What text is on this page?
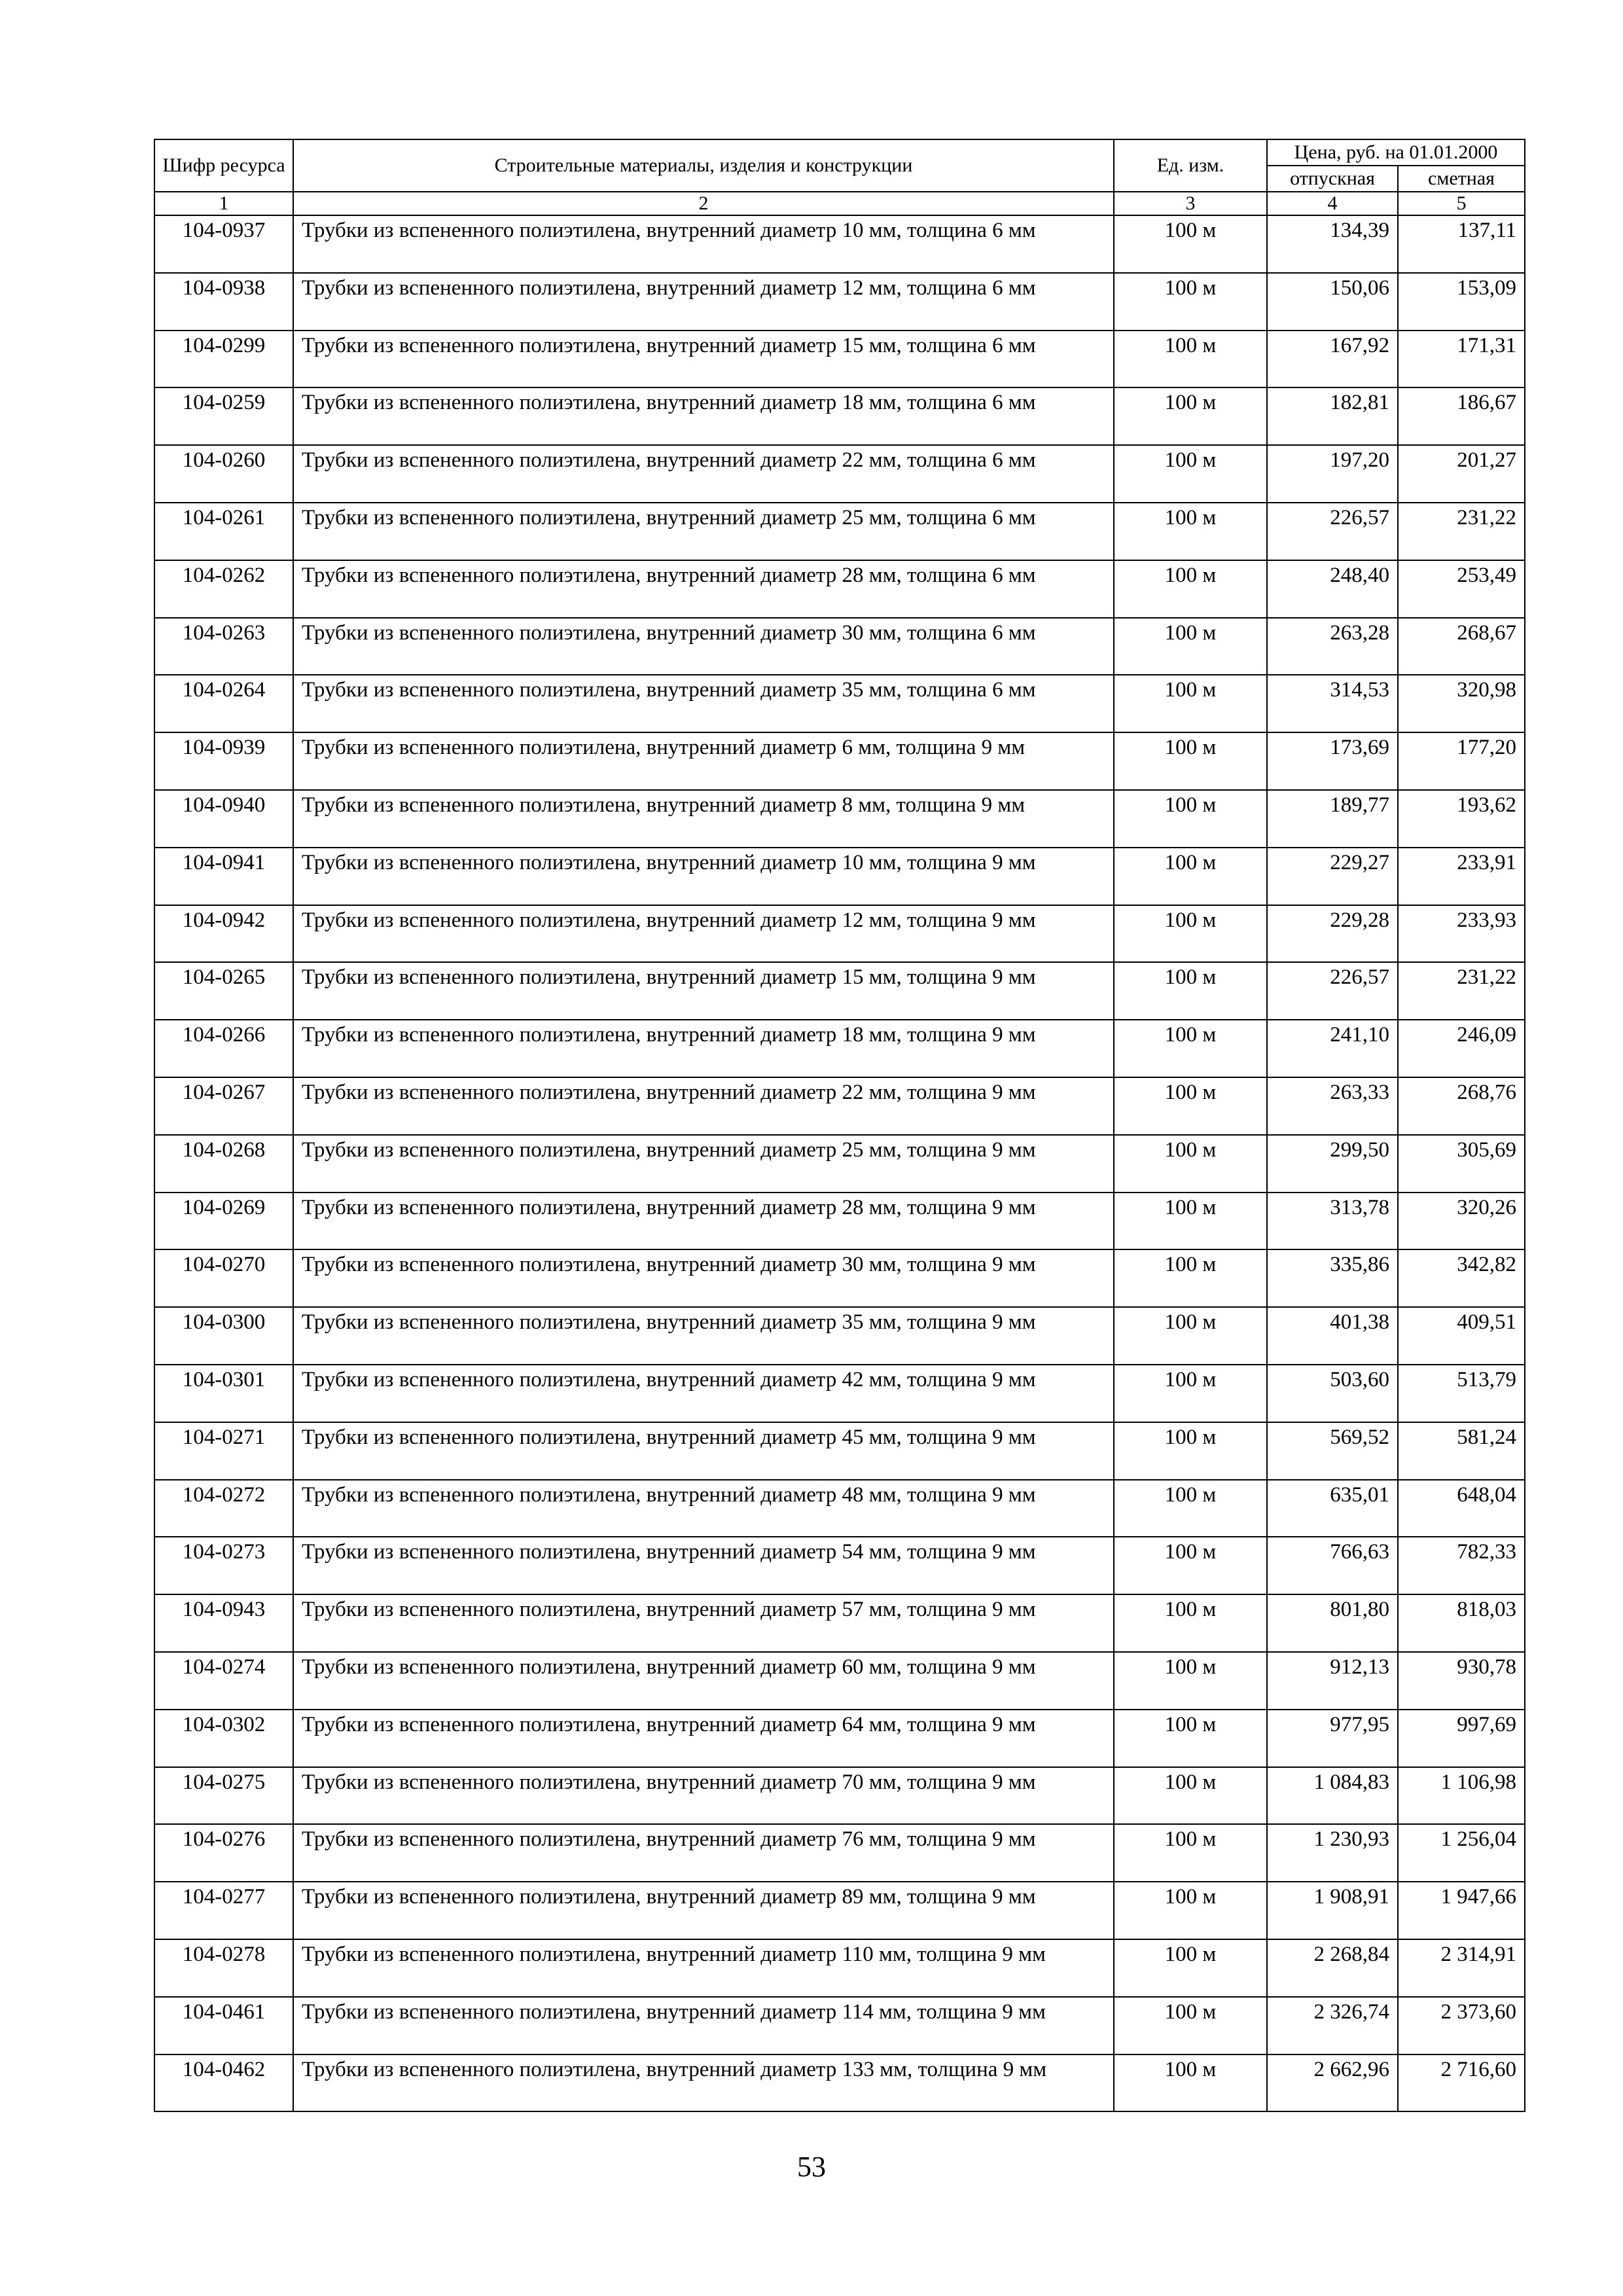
Шифр ресурса	Строительные материалы, изделия и конструкции	Ед. изм.	Цена, руб. на 01.01.2000	
			отпускная	сметная
1	2	3	4	5
104-0937	Трубки из вспененного полиэтилена, внутренний диаметр 10 мм, толщина 6 мм	100 м	134,39	137,11
104-0938	Трубки из вспененного полиэтилена, внутренний диаметр 12 мм, толщина 6 мм	100 м	150,06	153,09
104-0299	Трубки из вспененного полиэтилена, внутренний диаметр 15 мм, толщина 6 мм	100 м	167,92	171,31
104-0259	Трубки из вспененного полиэтилена, внутренний диаметр 18 мм, толщина 6 мм	100 м	182,81	186,67
104-0260	Трубки из вспененного полиэтилена, внутренний диаметр 22 мм, толщина 6 мм	100 м	197,20	201,27
104-0261	Трубки из вспененного полиэтилена, внутренний диаметр 25 мм, толщина 6 мм	100 м	226,57	231,22
104-0262	Трубки из вспененного полиэтилена, внутренний диаметр 28 мм, толщина 6 мм	100 м	248,40	253,49
104-0263	Трубки из вспененного полиэтилена, внутренний диаметр 30 мм, толщина 6 мм	100 м	263,28	268,67
104-0264	Трубки из вспененного полиэтилена, внутренний диаметр 35 мм, толщина 6 мм	100 м	314,53	320,98
104-0939	Трубки из вспененного полиэтилена, внутренний диаметр 6 мм, толщина 9 мм	100 м	173,69	177,20
104-0940	Трубки из вспененного полиэтилена, внутренний диаметр 8 мм, толщина 9 мм	100 м	189,77	193,62
104-0941	Трубки из вспененного полиэтилена, внутренний диаметр 10 мм, толщина 9 мм	100 м	229,27	233,91
104-0942	Трубки из вспененного полиэтилена, внутренний диаметр 12 мм, толщина 9 мм	100 м	229,28	233,93
104-0265	Трубки из вспененного полиэтилена, внутренний диаметр 15 мм, толщина 9 мм	100 м	226,57	231,22
104-0266	Трубки из вспененного полиэтилена, внутренний диаметр 18 мм, толщина 9 мм	100 м	241,10	246,09
104-0267	Трубки из вспененного полиэтилена, внутренний диаметр 22 мм, толщина 9 мм	100 м	263,33	268,76
104-0268	Трубки из вспененного полиэтилена, внутренний диаметр 25 мм, толщина 9 мм	100 м	299,50	305,69
104-0269	Трубки из вспененного полиэтилена, внутренний диаметр 28 мм, толщина 9 мм	100 м	313,78	320,26
104-0270	Трубки из вспененного полиэтилена, внутренний диаметр 30 мм, толщина 9 мм	100 м	335,86	342,82
104-0300	Трубки из вспененного полиэтилена, внутренний диаметр 35 мм, толщина 9 мм	100 м	401,38	409,51
104-0301	Трубки из вспененного полиэтилена, внутренний диаметр 42 мм, толщина 9 мм	100 м	503,60	513,79
104-0271	Трубки из вспененного полиэтилена, внутренний диаметр 45 мм, толщина 9 мм	100 м	569,52	581,24
104-0272	Трубки из вспененного полиэтилена, внутренний диаметр 48 мм, толщина 9 мм	100 м	635,01	648,04
104-0273	Трубки из вспененного полиэтилена, внутренний диаметр 54 мм, толщина 9 мм	100 м	766,63	782,33
104-0943	Трубки из вспененного полиэтилена, внутренний диаметр 57 мм, толщина 9 мм	100 м	801,80	818,03
104-0274	Трубки из вспененного полиэтилена, внутренний диаметр 60 мм, толщина 9 мм	100 м	912,13	930,78
104-0302	Трубки из вспененного полиэтилена, внутренний диаметр 64 мм, толщина 9 мм	100 м	977,95	997,69
104-0275	Трубки из вспененного полиэтилена, внутренний диаметр 70 мм, толщина 9 мм	100 м	1 084,83	1 106,98
104-0276	Трубки из вспененного полиэтилена, внутренний диаметр 76 мм, толщина 9 мм	100 м	1 230,93	1 256,04
104-0277	Трубки из вспененного полиэтилена, внутренний диаметр 89 мм, толщина 9 мм	100 м	1 908,91	1 947,66
104-0278	Трубки из вспененного полиэтилена, внутренний диаметр 110 мм, толщина 9 мм	100 м	2 268,84	2 314,91
104-0461	Трубки из вспененного полиэтилена, внутренний диаметр 114 мм, толщина 9 мм	100 м	2 326,74	2 373,60
104-0462	Трубки из вспененного полиэтилена, внутренний диаметр 133 мм, толщина 9 мм	100 м	2 662,96	2 716,60
53
